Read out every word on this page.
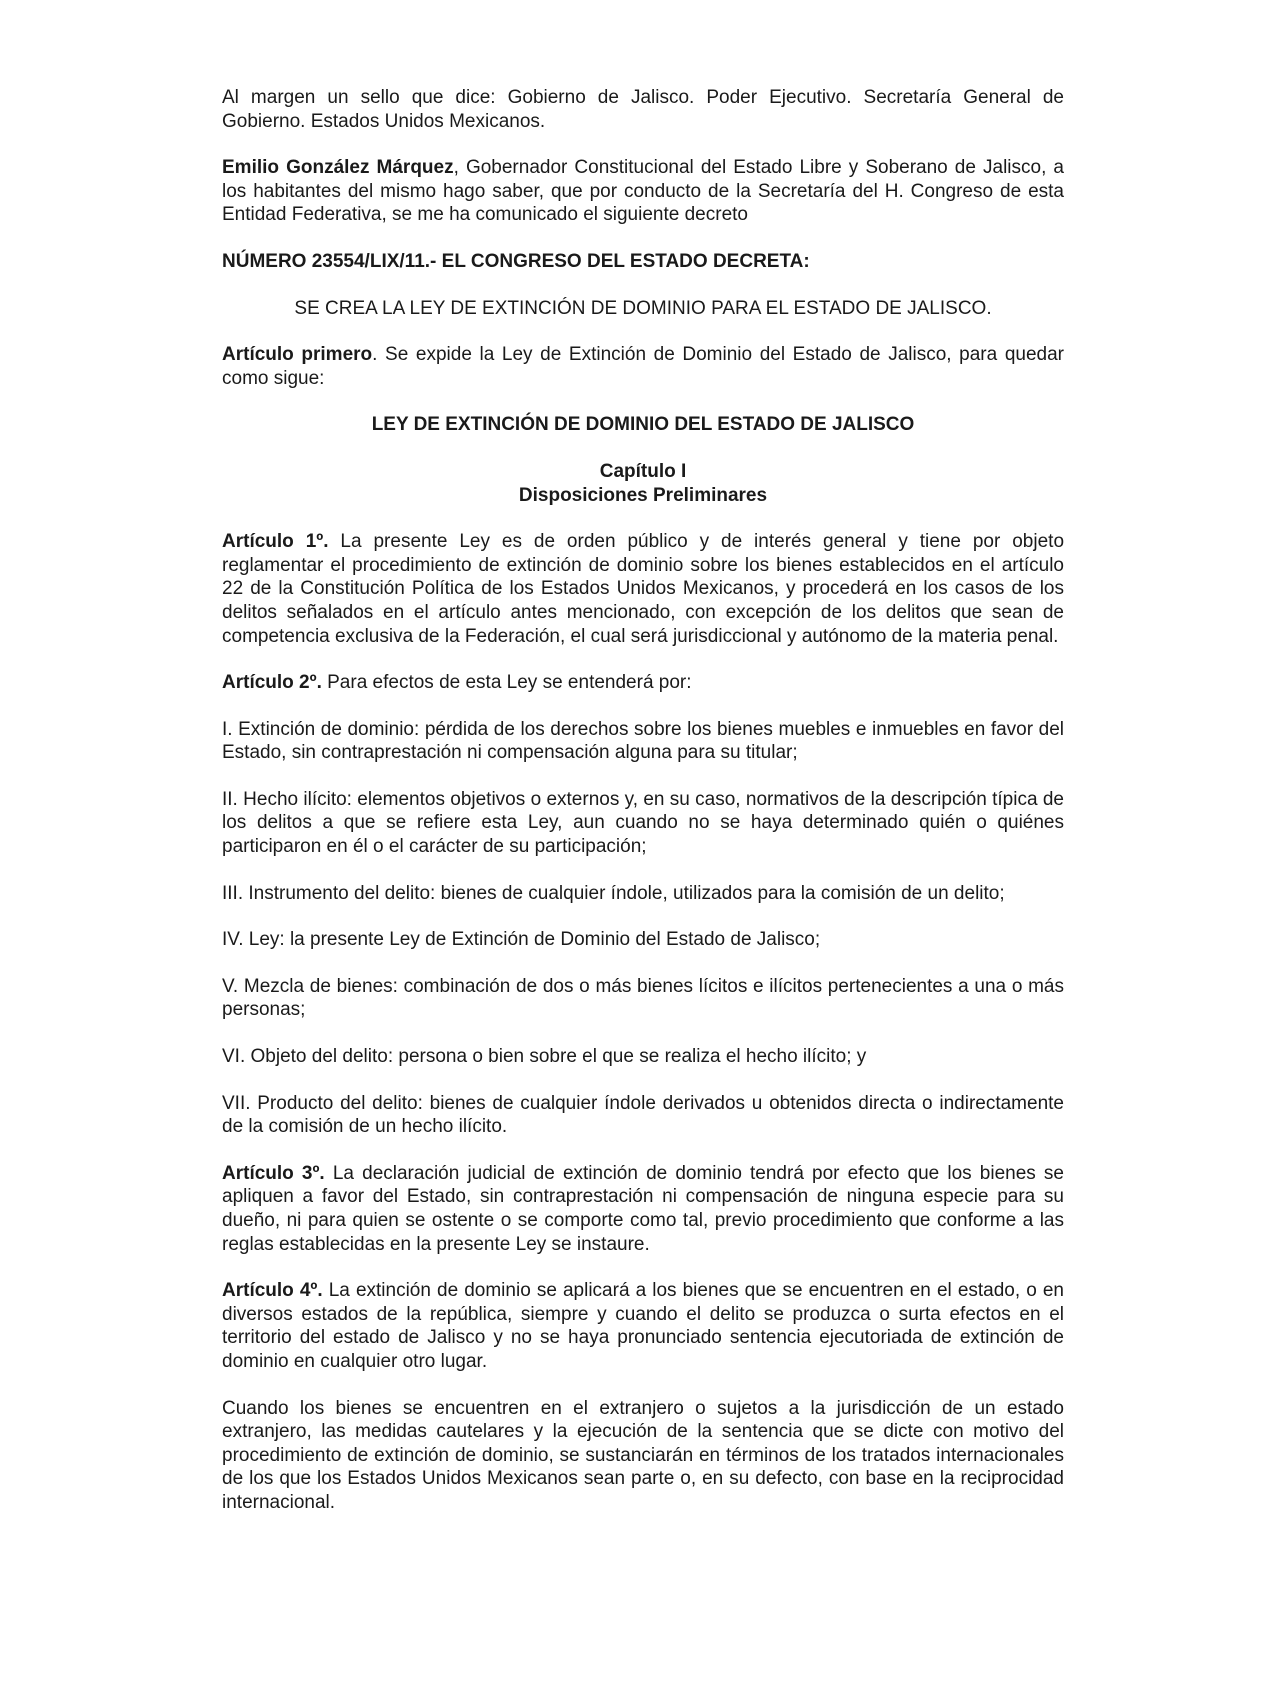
Al margen un sello que dice: Gobierno de Jalisco. Poder Ejecutivo. Secretaría General de Gobierno. Estados Unidos Mexicanos.

Emilio González Márquez, Gobernador Constitucional del Estado Libre y Soberano de Jalisco, a los habitantes del mismo hago saber, que por conducto de la Secretaría del H. Congreso de esta Entidad Federativa, se me ha comunicado el siguiente decreto

NÚMERO 23554/LIX/11.- EL CONGRESO DEL ESTADO DECRETA:

SE CREA LA LEY DE EXTINCIÓN DE DOMINIO PARA EL ESTADO DE JALISCO.

Artículo primero. Se expide la Ley de Extinción de Dominio del Estado de Jalisco, para quedar como sigue:

LEY DE EXTINCIÓN DE DOMINIO DEL ESTADO DE JALISCO

Capítulo I
Disposiciones Preliminares

Artículo 1º. La presente Ley es de orden público y de interés general y tiene por objeto reglamentar el procedimiento de extinción de dominio sobre los bienes establecidos en el artículo 22 de la Constitución Política de los Estados Unidos Mexicanos, y procederá en los casos de los delitos señalados en el artículo antes mencionado, con excepción de los delitos que sean de competencia exclusiva de la Federación, el cual será jurisdiccional y autónomo de la materia penal.

Artículo 2º. Para efectos de esta Ley se entenderá por:

I. Extinción de dominio: pérdida de los derechos sobre los bienes muebles e inmuebles en favor del Estado, sin contraprestación ni compensación alguna para su titular;

II. Hecho ilícito: elementos objetivos o externos y, en su caso, normativos de la descripción típica de los delitos a que se refiere esta Ley, aun cuando no se haya determinado quién o quiénes participaron en él o el carácter de su participación;

III. Instrumento del delito: bienes de cualquier índole, utilizados para la comisión de un delito;

IV. Ley: la presente Ley de Extinción de Dominio del Estado de Jalisco;

V. Mezcla de bienes: combinación de dos o más bienes lícitos e ilícitos pertenecientes a una o más personas;

VI. Objeto del delito: persona o bien sobre el que se realiza el hecho ilícito; y

VII. Producto del delito: bienes de cualquier índole derivados u obtenidos directa o indirectamente de la comisión de un hecho ilícito.

Artículo 3º. La declaración judicial de extinción de dominio tendrá por efecto que los bienes se apliquen a favor del Estado, sin contraprestación ni compensación de ninguna especie para su dueño, ni para quien se ostente o se comporte como tal, previo procedimiento que conforme a las reglas establecidas en la presente Ley se instaure.

Artículo 4º. La extinción de dominio se aplicará a los bienes que se encuentren en el estado, o en diversos estados de la república, siempre y cuando el delito se produzca o surta efectos en el territorio del estado de Jalisco y no se haya pronunciado sentencia ejecutoriada de extinción de dominio en cualquier otro lugar.

Cuando los bienes se encuentren en el extranjero o sujetos a la jurisdicción de un estado extranjero, las medidas cautelares y la ejecución de la sentencia que se dicte con motivo del procedimiento de extinción de dominio, se sustanciarán en términos de los tratados internacionales de los que los Estados Unidos Mexicanos sean parte o, en su defecto, con base en la reciprocidad internacional.
